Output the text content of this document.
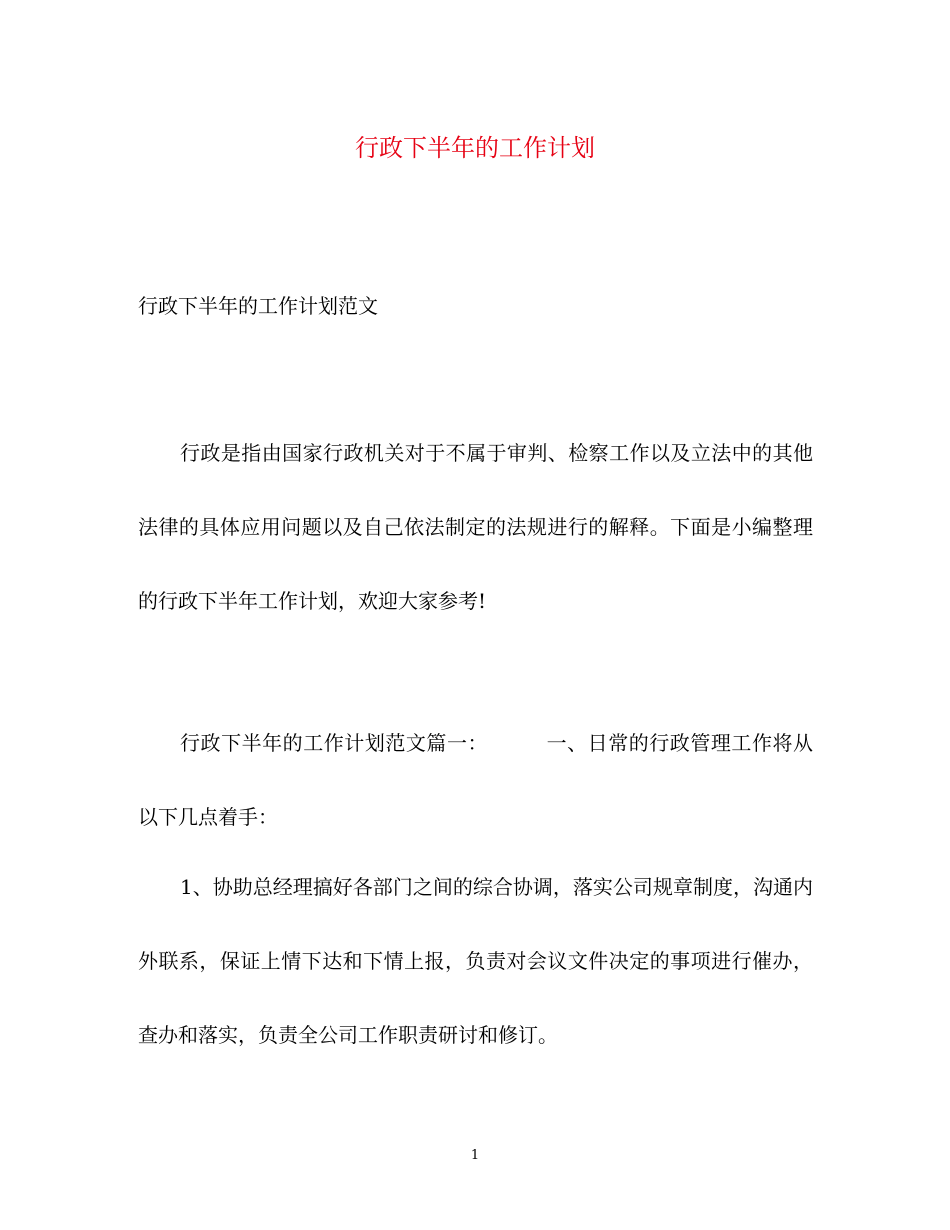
行政下半年的工作计划
行政下半年的工作计划范文

行政是指由国家行政机关对于不属于审判、检察工作以及立法中的其他法律的具体应用问题以及自己依法制定的法规进行的解释。下面是小编整理的行政下半年工作计划，欢迎大家参考!

行政下半年的工作计划范文篇一：	一、日常的行政管理工作将从以下几点着手：

1、协助总经理搞好各部门之间的综合协调，落实公司规章制度，沟通内外联系，保证上情下达和下情上报，负责对会议文件决定的事项进行催办，查办和落实，负责全公司工作职责研讨和修订。

1
